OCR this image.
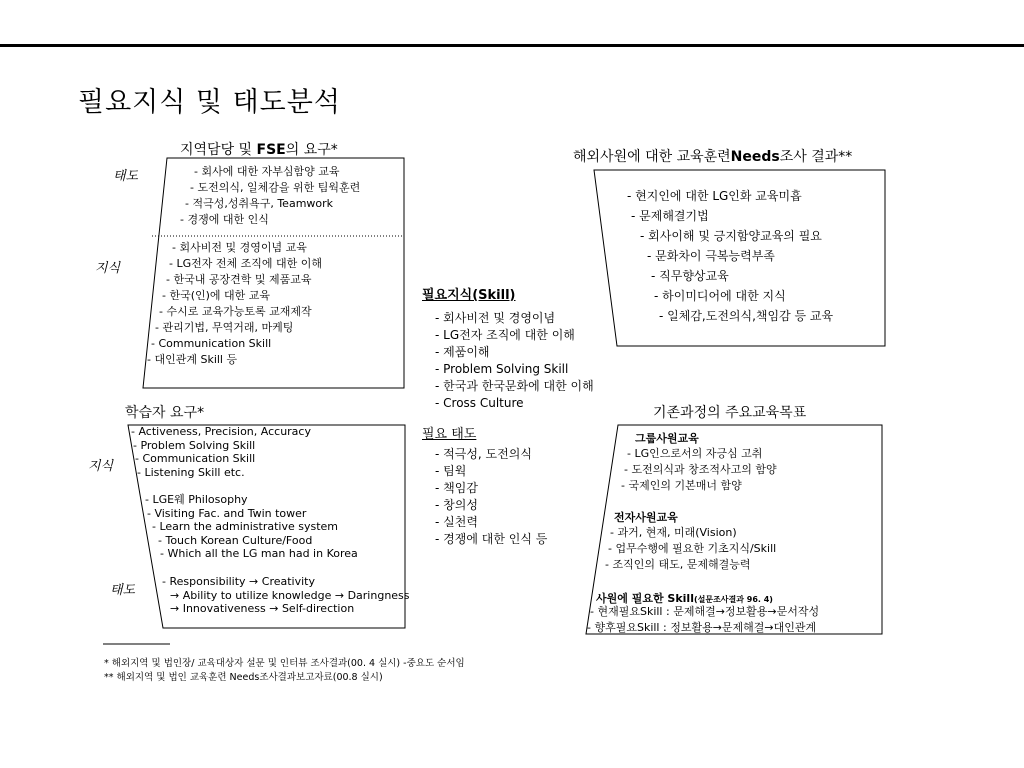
필요지식 및 태도분석
지역담당 및 FSE의 요구*
태도
지식
- 회사에 대한 자부심함양 교육
- 도전의식, 일체감을 위한 팀웍훈련
- 적극성,성취욕구, Teamwork
- 경쟁에 대한 인식
- 회사비전 및 경영이념 교육
- LG전자 전체 조직에 대한 이해
- 한국내 공장견학 및 제품교육
- 한국(인)에 대한 교육
- 수시로 교육가능토록 교재제작
- 관리기법, 무역거래, 마케팅
- Communication Skill
- 대인관계 Skill 등
해외사원에 대한 교육훈련Needs조사 결과**
- 현지인에 대한 LG인화 교육미흡
- 문제해결기법
- 회사이해 및 긍지함양교육의 필요
- 문화차이 극복능력부족
- 직무향상교육
- 하이미디어에 대한 지식
- 일체감,도전의식,책임감 등 교육
필요지식(Skill)
- 회사비전 및 경영이념
- LG전자 조직에 대한 이해
- 제품이해
- Problem Solving Skill
- 한국과 한국문화에 대한 이해
- Cross Culture
필요 태도
- 적극성, 도전의식
- 팀웍
- 책임감
- 창의성
- 실천력
- 경쟁에 대한 인식 등
학습자 요구*
지식
태도
- Activeness, Precision, Accuracy
- Problem Solving Skill
- Communication Skill
- Listening Skill etc.
- LGE웨 Philosophy
- Visiting Fac. and Twin tower
- Learn the administrative system
- Touch Korean Culture/Food
- Which all the LG man had in Korea
- Responsibility → Creativity
→ Ability to utilize knowledge → Daringness
→ Innovativeness → Self-direction
기존과정의 주요교육목표
그룹사원교육
- LG인으로서의 자긍심 고취
- 도전의식과 창조적사고의 함양
- 국제인의 기본매너 함양
전자사원교육
- 과거, 현재, 미래(Vision)
- 업무수행에 필요한 기초지식/Skill
- 조직인의 태도, 문제해결능력
사원에 필요한 Skill(설문조사결과 96. 4)
- 현재필요Skill : 문제해결→정보활용→문서작성
- 향후필요Skill : 정보활용→문제해결→대인관계
* 해외지역 및 법인장/ 교육대상자 설문 및 인터뷰 조사결과(00. 4 실시) -중요도 순서임
** 해외지역 및 법인 교육훈련 Needs조사결과보고자료(00.8 실시)
